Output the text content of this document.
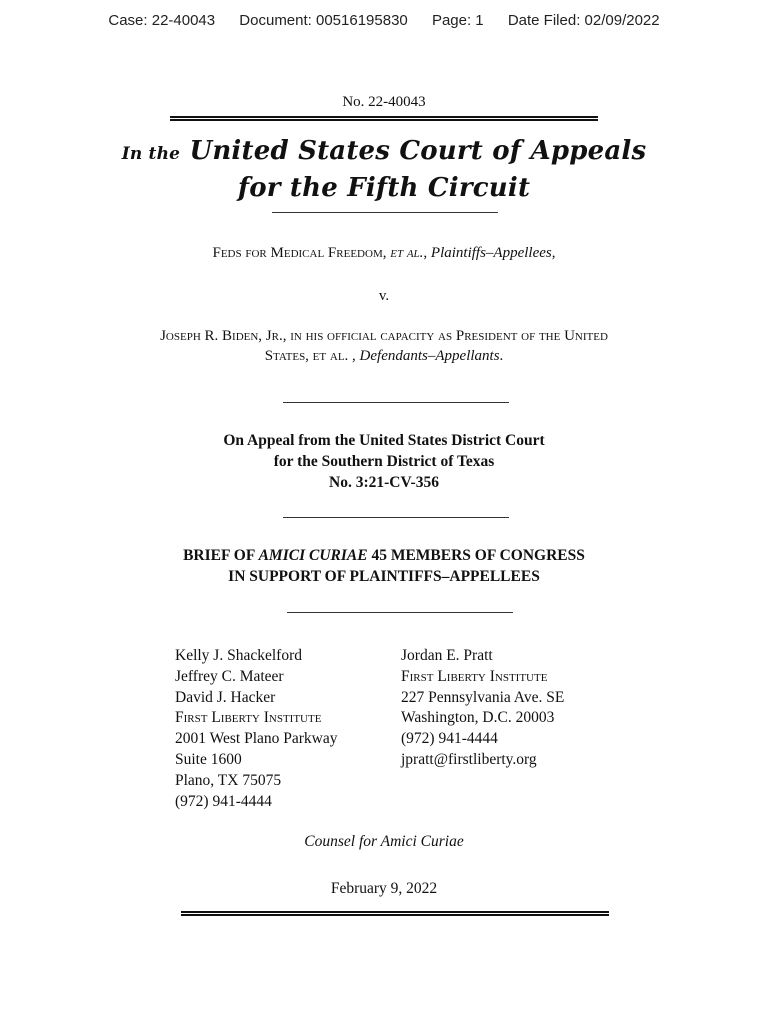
Case: 22-40043 Document: 00516195830 Page: 1 Date Filed: 02/09/2022
No. 22-40043
In the United States Court of Appeals
for the Fifth Circuit
Feds for Medical Freedom, et al., Plaintiffs–Appellees,
v.
Joseph R. Biden, Jr., in his official capacity as President of the United
States, et al. , Defendants–Appellants.
On Appeal from the United States District Court
for the Southern District of Texas
No. 3:21-CV-356
BRIEF OF AMICI CURIAE 45 MEMBERS OF CONGRESS
IN SUPPORT OF PLAINTIFFS–APPELLEES
Kelly J. Shackelford
Jeffrey C. Mateer
David J. Hacker
First Liberty Institute
2001 West Plano Parkway
Suite 1600
Plano, TX 75075
(972) 941-4444
Jordan E. Pratt
First Liberty Institute
227 Pennsylvania Ave. SE
Washington, D.C. 20003
(972) 941-4444
jpratt@firstliberty.org
Counsel for Amici Curiae
February 9, 2022
